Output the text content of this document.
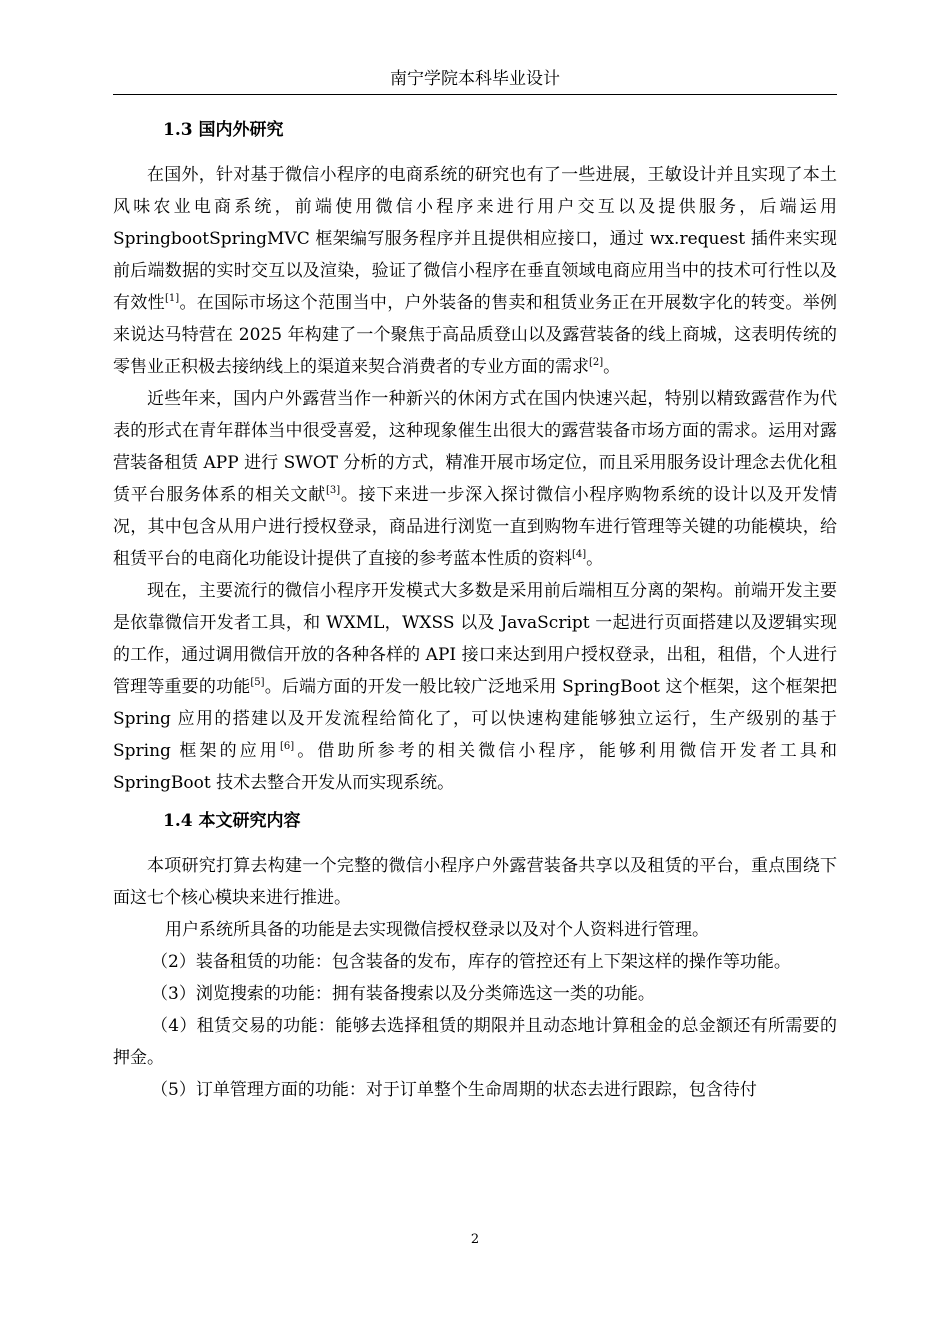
南宁学院本科毕业设计
1.3 国内外研究

在国外，针对基于微信小程序的电商系统的研究也有了一些进展，王敏设计并且实现了本土风味农业电商系统，前端使用微信小程序来进行用户交互以及提供服务，后端运用 SpringbootSpringMVC 框架编写服务程序并且提供相应接口，通过 wx.request 插件来实现前后端数据的实时交互以及渲染，验证了微信小程序在垂直领域电商应用当中的技术可行性以及有效性[1]。在国际市场这个范围当中，户外装备的售卖和租赁业务正在开展数字化的转变。举例来说达马特营在 2025 年构建了一个聚焦于高品质登山以及露营装备的线上商城，这表明传统的零售业正积极去接纳线上的渠道来契合消费者的专业方面的需求[2]。

近些年来，国内户外露营当作一种新兴的休闲方式在国内快速兴起，特别以精致露营作为代表的形式在青年群体当中很受喜爱，这种现象催生出很大的露营装备市场方面的需求。运用对露营装备租赁 APP 进行 SWOT 分析的方式，精准开展市场定位，而且采用服务设计理念去优化租赁平台服务体系的相关文献[3]。接下来进一步深入探讨微信小程序购物系统的设计以及开发情况，其中包含从用户进行授权登录，商品进行浏览一直到购物车进行管理等关键的功能模块，给租赁平台的电商化功能设计提供了直接的参考蓝本性质的资料[4]。

现在，主要流行的微信小程序开发模式大多数是采用前后端相互分离的架构。前端开发主要是依靠微信开发者工具，和 WXML，WXSS 以及 JavaScript 一起进行页面搭建以及逻辑实现的工作，通过调用微信开放的各种各样的 API 接口来达到用户授权登录，出租，租借，个人进行管理等重要的功能[5]。后端方面的开发一般比较广泛地采用 SpringBoot 这个框架，这个框架把 Spring 应用的搭建以及开发流程给简化了，可以快速构建能够独立运行，生产级别的基于 Spring 框架的应用[6]。借助所参考的相关微信小程序，能够利用微信开发者工具和 SpringBoot 技术去整合开发从而实现系统。

1.4 本文研究内容

本项研究打算去构建一个完整的微信小程序户外露营装备共享以及租赁的平台，重点围绕下面这七个核心模块来进行推进。

用户系统所具备的功能是去实现微信授权登录以及对个人资料进行管理。

（2）装备租赁的功能：包含装备的发布，库存的管控还有上下架这样的操作等功能。

（3）浏览搜索的功能：拥有装备搜索以及分类筛选这一类的功能。

（4）租赁交易的功能：能够去选择租赁的期限并且动态地计算租金的总金额还有所需要的押金。

（5）订单管理方面的功能：对于订单整个生命周期的状态去进行跟踪，包含待付

2
